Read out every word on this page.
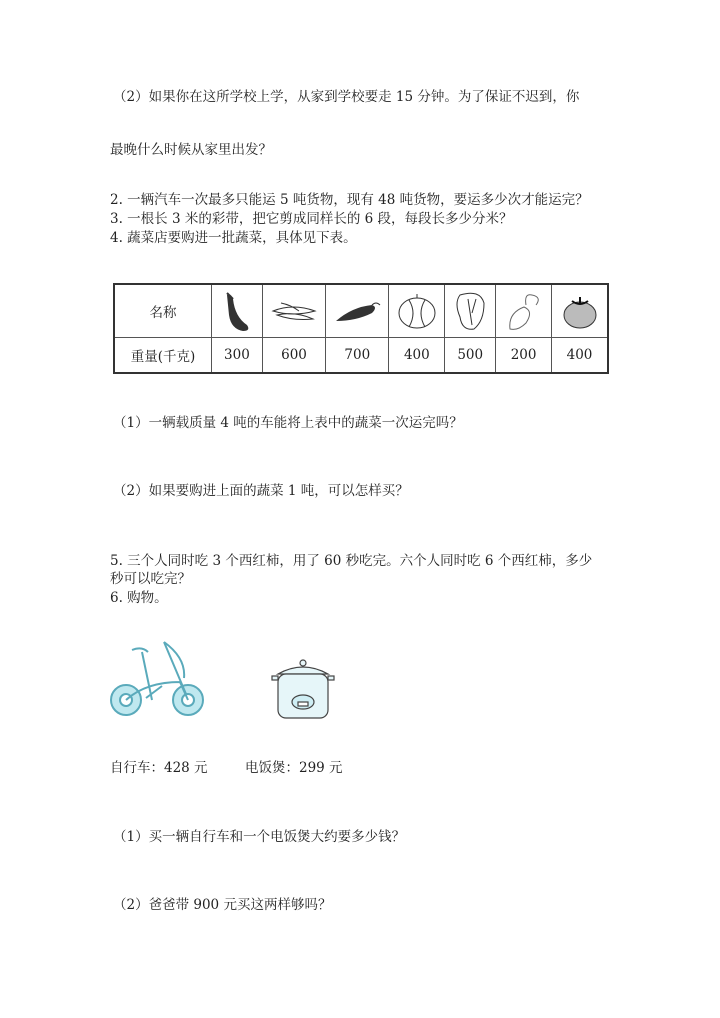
（2）如果你在这所学校上学，从家到学校要走 15 分钟。为了保证不迟到，你
最晚什么时候从家里出发？
2. 一辆汽车一次最多只能运 5 吨货物，现有 48 吨货物，要运多少次才能运完？
3. 一根长 3 米的彩带，把它剪成同样长的 6 段，每段长多少分米？
4. 蔬菜店要购进一批蔬菜，具体见下表。
名称	

重量(千克)	300	600	700	400	500	200	400
（1）一辆载质量 4 吨的车能将上表中的蔬菜一次运完吗？
（2）如果要购进上面的蔬菜 1 吨，可以怎样买？
5. 三个人同时吃 3 个西红柿，用了 60 秒吃完。六个人同时吃 6 个西红柿，多少
秒可以吃完？
6. 购物。
自行车：428 元	电饭煲：299 元
（1）买一辆自行车和一个电饭煲大约要多少钱？
（2）爸爸带 900 元买这两样够吗？
